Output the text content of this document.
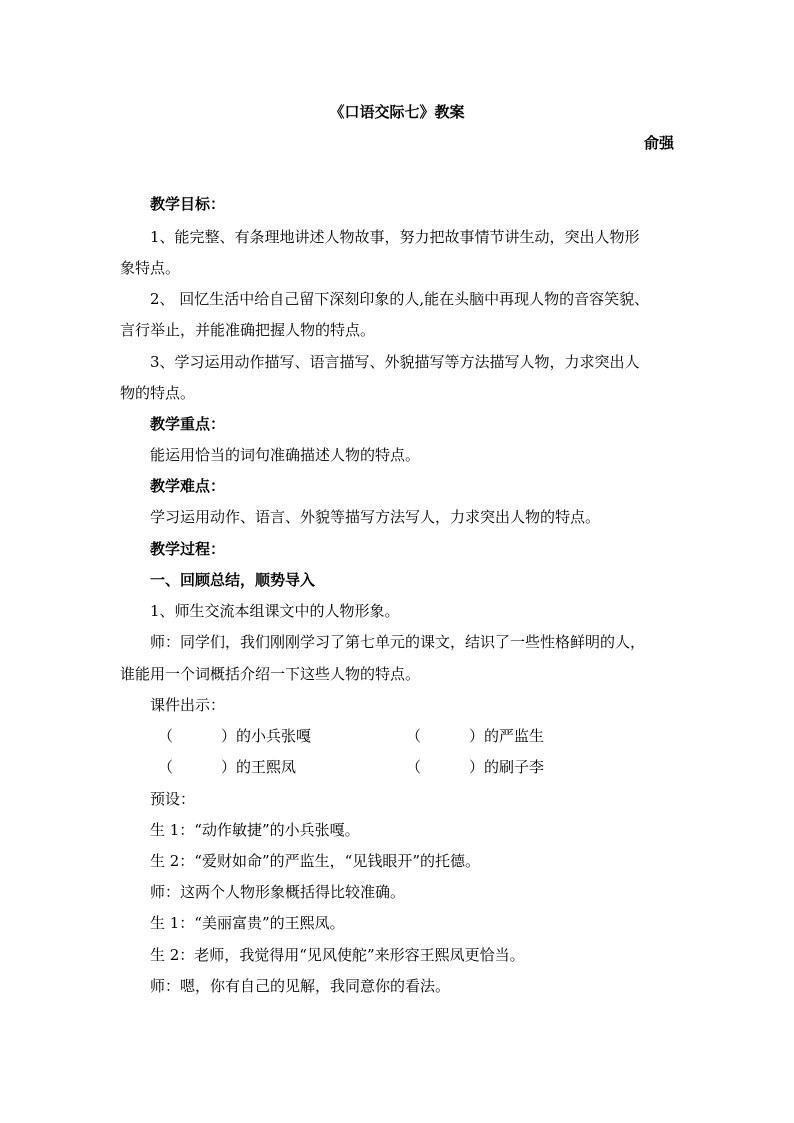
《口语交际七》教案
俞强
教学目标：
1、能完整、有条理地讲述人物故事，努力把故事情节讲生动，突出人物形
象特点。
2、 回忆生活中给自己留下深刻印象的人,能在头脑中再现人物的音容笑貌、
言行举止，并能准确把握人物的特点。
3、学习运用动作描写、语言描写、外貌描写等方法描写人物，力求突出人
物的特点。
教学重点：
能运用恰当的词句准确描述人物的特点。
教学难点：
学习运用动作、语言、外貌等描写方法写人，力求突出人物的特点。
教学过程：
一、回顾总结，顺势导入
1、师生交流本组课文中的人物形象。
师：同学们，我们刚刚学习了第七单元的课文，结识了一些性格鲜明的人，
谁能用一个词概括介绍一下这些人物的特点。
课件出示：
（	）的小兵张嘎	（	）的严监生
（	）的王熙凤	（	）的刷子李
预设：
生 1：“动作敏捷”的小兵张嘎。
生 2：“爱财如命”的严监生，“见钱眼开”的托德。
师：这两个人物形象概括得比较准确。
生 1：“美丽富贵”的王熙凤。
生 2：老师，我觉得用“见风使舵”来形容王熙凤更恰当。
师：嗯，你有自己的见解，我同意你的看法。
